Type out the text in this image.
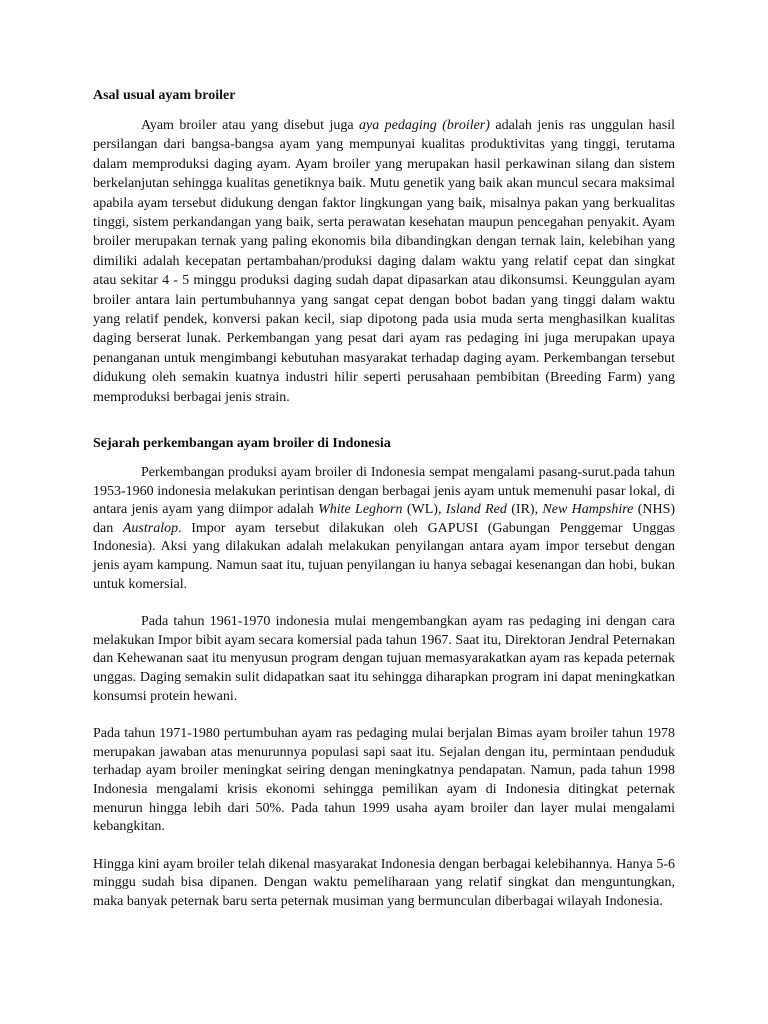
Asal usual ayam broiler

Ayam broiler atau yang disebut juga aya pedaging (broiler) adalah jenis ras unggulan hasil persilangan dari bangsa-bangsa ayam yang mempunyai kualitas produktivitas yang tinggi, terutama dalam memproduksi daging ayam. Ayam broiler yang merupakan hasil perkawinan silang dan sistem berkelanjutan sehingga kualitas genetiknya baik. Mutu genetik yang baik akan muncul secara maksimal apabila ayam tersebut didukung dengan faktor lingkungan yang baik, misalnya pakan yang berkualitas tinggi, sistem perkandangan yang baik, serta perawatan kesehatan maupun pencegahan penyakit. Ayam broiler merupakan ternak yang paling ekonomis bila dibandingkan dengan ternak lain, kelebihan yang dimiliki adalah kecepatan pertambahan/produksi daging dalam waktu yang relatif cepat dan singkat atau sekitar 4 - 5 minggu produksi daging sudah dapat dipasarkan atau dikonsumsi. Keunggulan ayam broiler antara lain pertumbuhannya yang sangat cepat dengan bobot badan yang tinggi dalam waktu yang relatif pendek, konversi pakan kecil, siap dipotong pada usia muda serta menghasilkan kualitas daging berserat lunak. Perkembangan yang pesat dari ayam ras pedaging ini juga merupakan upaya penanganan untuk mengimbangi kebutuhan masyarakat terhadap daging ayam. Perkembangan tersebut didukung oleh semakin kuatnya industri hilir seperti perusahaan pembibitan (Breeding Farm) yang memproduksi berbagai jenis strain.

Sejarah perkembangan ayam broiler di Indonesia

Perkembangan produksi ayam broiler di Indonesia sempat mengalami pasang-surut.pada tahun 1953-1960 indonesia melakukan perintisan dengan berbagai jenis ayam untuk memenuhi pasar lokal, di antara jenis ayam yang diimpor adalah White Leghorn (WL), Island Red (IR), New Hampshire (NHS) dan Australop. Impor ayam tersebut dilakukan oleh GAPUSI (Gabungan Penggemar Unggas Indonesia). Aksi yang dilakukan adalah melakukan penyilangan antara ayam impor tersebut dengan jenis ayam kampung. Namun saat itu, tujuan penyilangan iu hanya sebagai kesenangan dan hobi, bukan untuk komersial.

Pada tahun 1961-1970 indonesia mulai mengembangkan ayam ras pedaging ini dengan cara melakukan Impor bibit ayam secara komersial pada tahun 1967. Saat itu, Direktoran Jendral Peternakan dan Kehewanan saat itu menyusun program dengan tujuan memasyarakatkan ayam ras kepada peternak unggas. Daging semakin sulit didapatkan saat itu sehingga diharapkan program ini dapat meningkatkan konsumsi protein hewani.

Pada tahun 1971-1980 pertumbuhan ayam ras pedaging mulai berjalan Bimas ayam broiler tahun 1978 merupakan jawaban atas menurunnya populasi sapi saat itu. Sejalan dengan itu, permintaan penduduk terhadap ayam broiler meningkat seiring dengan meningkatnya pendapatan. Namun, pada tahun 1998 Indonesia mengalami krisis ekonomi sehingga pemilikan ayam di Indonesia ditingkat peternak menurun hingga lebih dari 50%. Pada tahun 1999 usaha ayam broiler dan layer mulai mengalami kebangkitan.

Hingga kini ayam broiler telah dikenal masyarakat Indonesia dengan berbagai kelebihannya. Hanya 5-6 minggu sudah bisa dipanen. Dengan waktu pemeliharaan yang relatif singkat dan menguntungkan, maka banyak peternak baru serta peternak musiman yang bermunculan diberbagai wilayah Indonesia.
